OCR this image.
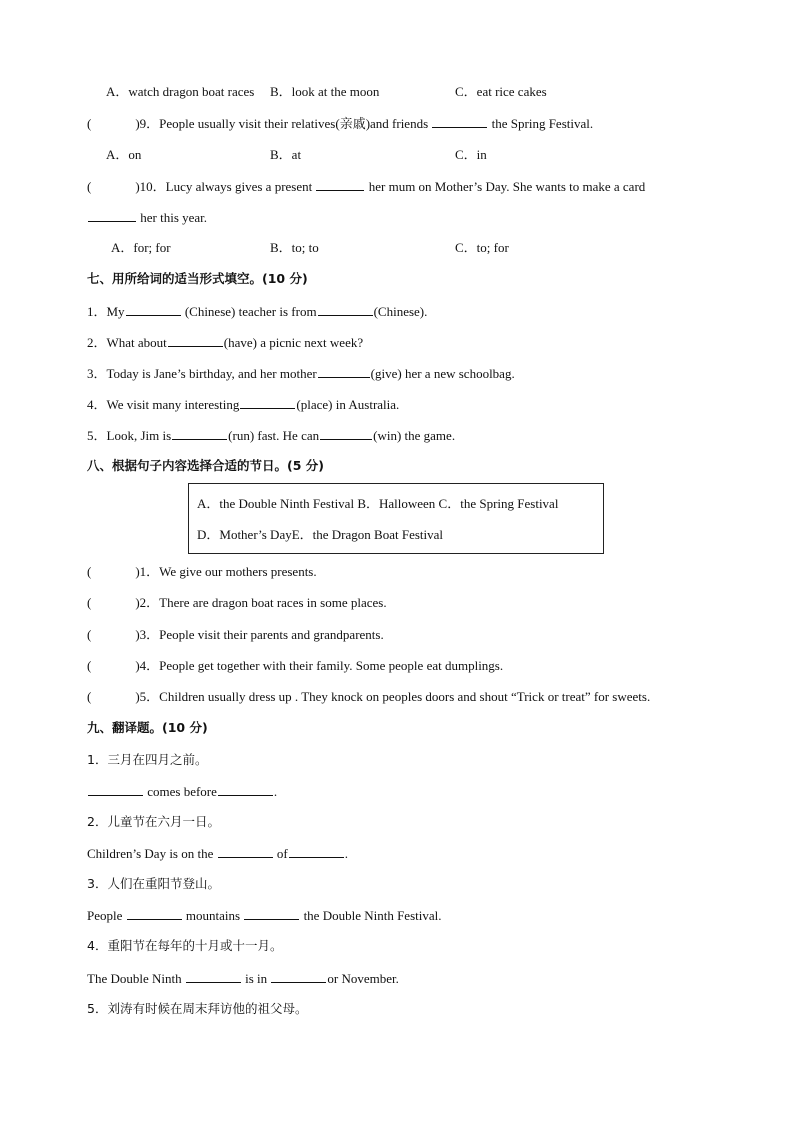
A．watch dragon boat races B．look at the moon	C．eat rice cakes
(	)9．People usually visit their relatives(亲戚)and friends	the Spring Festival.
A．on	B．at	C．in
(	)10．Lucy always gives a present	her mum on Mother’s Day. She wants to make a card
her this year.
A．for; for	B．to; to	C．to; for
七、用所给词的适当形式填空。(10 分)
1．My	(Chinese) teacher is from	(Chinese).
2．What about	(have) a picnic next week?
3．Today is Jane’s birthday, and her mother	(give) her a new schoolbag.
4．We visit many interesting	(place) in Australia.
5．Look, Jim is	(run) fast. He can	(win) the game.
八、根据句子内容选择合适的节日。(5 分)
A．the Double Ninth Festival B．Halloween C．the Spring Festival
D．Mother’s DayE．the Dragon Boat Festival
(	)1．We give our mothers presents.
(	)2．There are dragon boat races in some places.
(	)3．People visit their parents and grandparents.
(	)4．People get together with their family. Some people eat dumplings.
(	)5．Children usually dress up . They knock on peoples doors and shout “Trick or treat” for sweets.
九、翻译题。(10 分)
1．三月在四月之前。
comes before	.
2．儿童节在六月一日。
Children’s Day is on the	of	.
3．人们在重阳节登山。
People	mountains	the Double Ninth Festival.
4．重阳节在每年的十月或十一月。
The Double Ninth	is in	or November.
5．刘涛有时候在周末拜访他的祖父母。
